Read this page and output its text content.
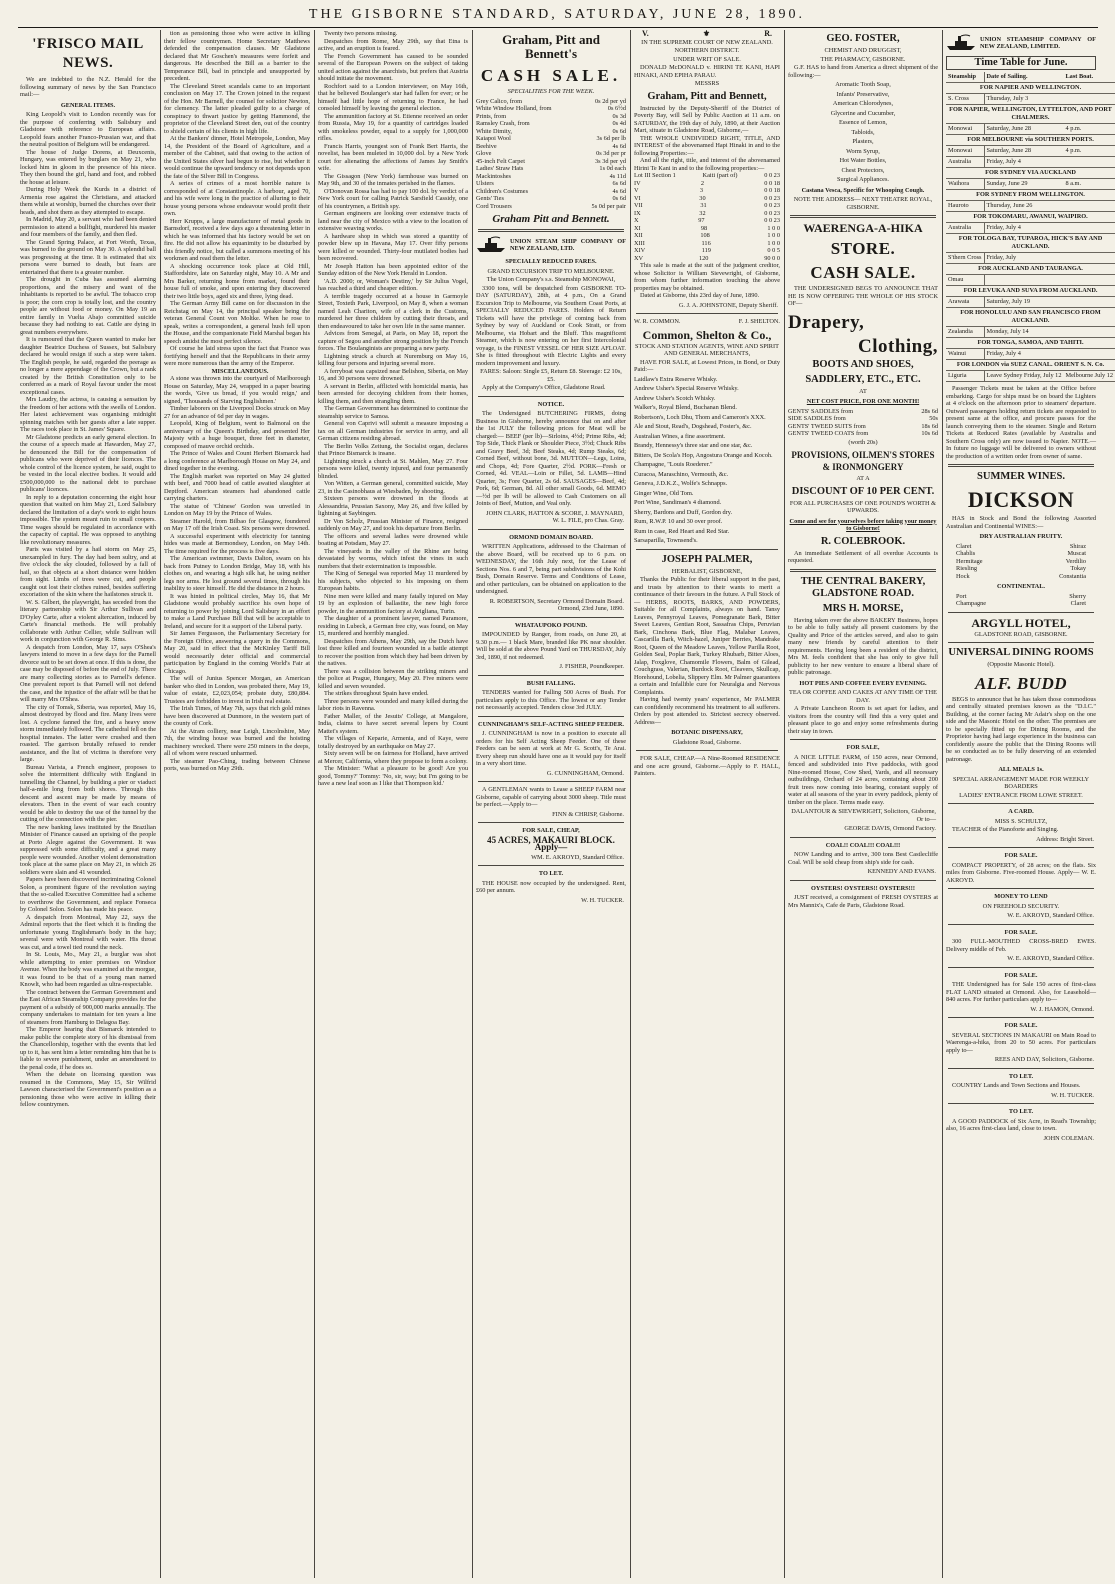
THE GISBORNE STANDARD, SATURDAY, JUNE 28, 1890.
'FRISCO MAIL NEWS.

We are indebted to the N.Z. Herald for the following summary of news by the San Francisco mail:—

GENERAL ITEMS.

King Leopold's visit to London recently was for the purpose of conferring with Salisbury and Gladstone with reference to European affairs. Leopold fears another Franco-Prussian war, and that the neutral position of Belgium will be endangered.

The house of Judge Dorens, at Deuxcenis, Hungary, was entered by burglars on May 21, who locked him in gloom in the presence of his niece. They then bound the girl, hand and foot, and robbed the house at leisure.

During Holy Week the Kurds in a district of Armenia rose against the Christians, and attacked them while at worship, burned the churches over their heads, and shot them as they attempted to escape.

In Madrid, May 20, a servant who had been denied permission to attend a bullfight, murdered his master and four members of the family, and then fled.

The Grand Spring Palace, at Fort Worth, Texas, was burned to the ground on May 30. A splendid ball was progressing at the time. It is estimated that six persons were burned to death, but fears are entertained that there is a greater number.

The drought in Cuba has assumed alarming proportions, and the misery and want of the inhabitants is reported to be awful. The tobacco crop is poor; the corn crop is totally lost, and the country people are without food or money. On May 19 an entire family in Vuelta Abajo committed suicide because they had nothing to eat. Cattle are dying in great numbers everywhere.

It is rumoured that the Queen wanted to make her daughter Beatrice Duchess of Sussex, but Salisbury declared he would resign if such a step were taken. The English people, he said, regarded the peerage as no longer a mere appendage of the Crown, but a rank created by the British Constitution only to be conferred as a mark of Royal favour under the most exceptional cases.

Mrs Laudry, the actress, is causing a sensation by the freedom of her actions with the swells of London. Her latest achievement was organising midnight spinning matches with her guests after a late supper. The races took place in St. James' Square.

Mr Gladstone predicts an early general election. In the course of a speech made at Hawarden, May 27, he denounced the Bill for the compensation of publicans who were deprived of their licences. The whole control of the licence system, he said, ought to be vested in the local elective bodies. It would add £500,000,000 to the national debt to purchase publicans' licences.

In reply to a deputation concerning the eight hour question that waited on him May 21, Lord Salisbury declared the limitation of a day's work to eight hours impossible. The system meant ruin to small coopers. Time wages should be regulated in accordance with the capacity of capital. He was opposed to anything like revolutionary measures.

Paris was visited by a hail storm on May 25, unexampled in fury. The day had been sultry, and at five o'clock the sky clouded, followed by a fall of hail, so that objects at a short distance were hidden from sight. Limbs of trees were cut, and people caught out lost their clothes ruined, besides suffering excoriation of the skin where the hailstones struck it.

W. S. Gilbert, the playwright, has seceded from the literary partnership with Sir Arthur Sullivan and D'Oyley Carte, after a violent altercation, induced by Carte's financial methods. He will probably collaborate with Arthur Cellier, while Sullivan will work in conjunction with George R. Sims.

A despatch from London, May 17, says O'Shea's lawyers intend to move in a few days for the Parnell divorce suit to be set down at once. If this is done, the case may be disposed of before the end of July. There are many collecting stories as to Parnell's defence. One prevalent report is that Parnell will not defend the case, and the injustice of the affair will be that he will marry Mrs O'Shea.

The city of Tomsk, Siberia, was reported, May 16, almost destroyed by flood and fire. Many lives were lost. A cyclone fanned the fire, and a heavy snow storm immediately followed. The cathedral fell on the hospital inmates. The latter were crushed and then roasted. The garrison brutally refused to render assistance, and the list of victims is therefore very large.

Bureau Varista, a French engineer, proposes to solve the intermittent difficulty with England in tunnelling the Channel, by building a pier or viaduct half-a-mile long from both shores. Through this descent and ascent may be made by means of elevators. Then in the event of war each country would be able to destroy the use of the tunnel by the cutting of the connection with the pier.

The new banking laws instituted by the Brazilian Minister of Finance caused an uprising of the people at Porto Alegre against the Government. It was suppressed with some difficulty, and a great many people were wounded. Another violent demonstration took place at the same place on May 21, in which 26 soldiers were slain and 41 wounded.

Papers have been discovered incriminating Colonel Solon, a prominent figure of the revolution saying that the so-called Executive Committee had a scheme to overthrow the Government, and replace Fonseca by Colonel Solon. Solon has made his peace.

A despatch from Montreal, May 22, says the Admiral reports that the fleet which it is finding the unfortunate young Englishman's body in the bay; several were with Montreal with water. His throat was cut, and a towel tied round the neck.

In St. Louis, Mo., May 21, a burglar was shot while attempting to enter premises on Windsor Avenue. When the body was examined at the morgue, it was found to be that of a young man named Knowlt, who had been regarded as ultra-respectable.

The contract between the German Government and the East African Steamship Company provides for the payment of a subsidy of 900,000 marks annually. The company undertakes to maintain for ten years a line of steamers from Hamburg to Delagoa Bay.

The Emperor hearing that Bismarck intended to make public the complete story of his dismissal from the Chancellorship, together with the events that led up to it, has sent him a letter reminding him that he is liable to severe punishment, under an amendment to the penal code, if he does so.

When the debate on licensing question was resumed in the Commons, May 15, Sir Wilfrid Lawson characterised the Government's position as a pensioning those who were active in killing their fellow countrymen.

tion as pensioning those who were active in killing their fellow countrymen. Home Secretary Matthews defended the compensation clauses. Mr Gladstone declared that Mr Goschen's measures were forfeit and dangerous. He described the Bill as a barrier to the Temperance Bill, bad in principle and unsupported by precedent.

The Cleveland Street scandals came to an important conclusion on May 17. The Crown joined in the request of the Hon. Mr Barnell, the counsel for solicitor Newton, for clemency. The latter pleaded guilty to a charge of conspiracy to thwart justice by getting Hammond, the proprietor of the Cleveland Street den, out of the country to shield certain of his clients in high life.

At the Bankers' dinner, Hotel Metropole, London, May 14, the President of the Board of Agriculture, and a member of the Cabinet, said that owing to the action of the United States silver had begun to rise, but whether it would continue the upward tendency or not depends upon the fate of the Silver Bill in Congress.

A series of crimes of a most horrible nature is corresponded of at Constantinople. A harbour, aged 70, and his wife were long in the practice of alluring to their house young persons whose endeavour would profit their own.

Herr Krupps, a large manufacturer of metal goods in Barnsdorf, received a few days ago a threatening letter in which he was informed that his factory would be set on fire. He did not allow his equanimity to be disturbed by this friendly notice, but called a summons meeting of his workmen and read them the letter.

A shocking occurrence took place at Old Hill, Staffordshire, late on Saturday night, May 10. A Mr and Mrs Barker, returning home from market, found their house full of smoke, and upon entering they discovered their two little boys, aged six and three, lying dead.

The German Army Bill came on for discussion in the Reichstag on May 14, the principal speaker being the veteran General Count von Moltke. When he rose to speak, writes a correspondent, a general hush fell upon the House, and the companionate Field Marshal began his speech amidst the most perfect silence.

Of course he laid stress upon the fact that France was fortifying herself and that the Republicans in their army were more numerous than the army of the Emperor.

MISCELLANEOUS.

A stone was thrown into the courtyard of Marlborough House on Saturday, May 24, wrapped in a paper bearing the words, 'Give us bread, if you would reign,' and signed, 'Thousands of Starving Englishmen.'

Timber laborers on the Liverpool Docks struck on May 27 for an advance of 6d per day in wages.

Leopold, King of Belgium, went to Balmoral on the anniversary of the Queen's Birthday, and presented Her Majesty with a huge bouquet, three feet in diameter, composed of mauve orchid orchids.

The Prince of Wales and Count Herbert Bismarck had a long conference at Marlborough House on May 24, and dined together in the evening.

The English market was reported on May 24 glutted with beef, and 7000 head of cattle awaited slaughter at Deptford. American steamers had abandoned cattle carrying charters.

The statue of 'Chinese' Gordon was unveiled in London on May 19 by the Prince of Wales.

Steamer Harold, from Bilbao for Glasgow, foundered on May 17 off the Irish Coast. Six persons were drowned.

A successful experiment with electricity for tanning hides was made at Bermondsey, London, on May 14th. The time required for the process is five days.

The American swimmer, Davis Dalton, swam on his back from Putney to London Bridge, May 18, with his clothes on, and wearing a high silk hat, he using neither legs nor arms. He lost ground several times, through his inability to steer himself. He did the distance in 2 hours.

It was hinted in political circles, May 16, that Mr Gladstone would probably sacrifice his own hope of returning to power by joining Lord Salisbury in an effort to make a Land Purchase Bill that will be acceptable to Ireland, and secure for it a support of the Liberal party.

Sir James Fergusson, the Parliamentary Secretary for the Foreign Office, answering a query in the Commons, May 20, said in effect that the McKinley Tariff Bill would necessarily deter official and commercial participation by England in the coming World's Fair at Chicago.

The will of Junius Spencer Morgan, an American banker who died in London, was probated there, May 19, value of estate, £2,023,054; probate duty, £80,884. Trustees are forbidden to invest in Irish real estate.

The Irish Times, of May 7th, says that rich gold mines have been discovered at Dunmore, in the western part of the county of Cork.

At the Atram colliery, near Leigh, Lincolnshire, May 7th, the winding house was burned and the hoisting machinery wrecked. There were 250 miners in the deeps, all of whom were rescued unharmed.

The steamer Pao-Ching, trading between Chinese ports, was burned on May 29th.

Twenty two persons missing.

Despatches from Rome, May 29th, say that Etna is active, and an eruption is feared.

The French Government has caused to be sounded several of the European Powers on the subject of taking united action against the anarchists, but prefers that Austria should initiate the movement.

Rochfort said to a London interviewer, on May 16th, that he believed Boulanger's star had fallen for ever; or he himself had little hope of returning to France, he had consoled himself by leaving the general election.

The ammunition factory at St. Etienne received an order from Russia, May 19, for a quantity of cartridges loaded with smokeless powder, equal to a supply for 1,000,000 rifles.

Francis Harris, youngest son of Frank Bert Harris, the novelist, has been muleted in 10,000 dol. by a New York court for alienating the affections of James Jay Smith's wife.

The Gissagon (New York) farmhouse was burned on May 9th, and 30 of the inmates perished in the flames.

O'Donovan Rossa has had to pay 100 dol. by verdict of a New York court for calling Patrick Sarsfield Cassidy, one of his countrymen, a British spy.

German engineers are looking over extensive tracts of land near the city of Mexico with a view to the location of extensive weaving works.

A hardware shop in which was stored a quantity of powder blew up in Havana, May 17. Over fifty persons were killed or wounded. Thirty-four mutilated bodies had been recovered.

Mr Joseph Hatton has been appointed editor of the Sunday edition of the New York Herald in London.

'A.D. 2000; or, Woman's Destiny,' by Sir Julius Vogel, has reached a third and cheaper edition.

A terrible tragedy occurred at a house in Garmoyle Street, Toxteth Park, Liverpool, on May 8, when a woman named Leah Chariton, wife of a clerk in the Customs, murdered her three children by cutting their throats, and then endeavoured to take her own life in the same manner.

Advices from Senegal, at Paris, on May 18, report the capture of Segou and another strong position by the French forces. The Boulanginists are preparing a new party.

Lightning struck a church at Nuremburg on May 16, killing four persons and injuring several more.

A ferryboat was capsized near Belishon, Siberia, on May 16, and 30 persons were drowned.

A servant in Berlin, afflicted with homicidal mania, has been arrested for decoying children from their homes, killing them, and then strangling them.

The German Government has determined to continue the steamship service to Samoa.

General von Caprivi will submit a measure imposing a tax on all German industries for service in army, and all German citizens residing abroad.

The Berlin Volks Zeitung, the Socialist organ, declares that Prince Bismarck is insane.

Lightning struck a church at St. Mahlen, May 27. Four persons were killed, twenty injured, and four permanently blinded.

Von Witten, a German general, committed suicide, May 23, in the Casinobhaus at Wiesbaden, by shooting.

Sixteen persons were drowned in the floods at Alessandria, Prussian Saxony, May 26, and five killed by lightning at Saybingen.

Dr Von Scholz, Prussian Minister of Finance, resigned suddenly on May 27, and took his departure from Berlin.

The officers and several ladies were drowned while boating at Potsdam, May 27.

The vineyards in the valley of the Rhine are being devastated by worms, which infest the vines in such numbers that their extermination is impossible.

The King of Senegal was reported May 11 murdered by his subjects, who objected to his imposing on them European habits.

Nine men were killed and many fatally injured on May 19 by an explosion of ballastite, the new high force powder, in the ammunition factory at Avigliana, Turin.

The daughter of a prominent lawyer, named Paramore, residing in Lubeck, a German free city, was found, on May 15, murdered and horribly mangled.

Despatches from Athens, May 29th, say the Dutch have lost three killed and fourteen wounded in a battle attempt to recover the position from which they had been driven by the natives.

There was a collision between the striking miners and the police at Prague, Hungary, May 20. Five miners were killed and seven wounded.

The strikes throughout Spain have ended.

Three persons were wounded and many killed during the labor riots in Ravenna.

Father Maller, of the Jesuits' College, at Mangalore, India, claims to have secret several lepers by Count Mattei's system.

The villages of Keparie, Armenia, and of Kaye, were totally destroyed by an earthquake on May 27.

Sixty seven will be on fairness for Holland, have arrived at Mercer, California, where they propose to form a colony.

The Minister: 'What a pleasure to be good! Are you good, Tommy?' Tommy: 'No, sir, way; but I'm going to be have a new leaf soon as I like that Thompson kid.'

Graham, Pitt and Bennett's
CASH SALE.
SPECIALITIES FOR THE WEEK.
Grey Calico, from	0s 2d per yd
White Window Holland, from	0s 6½d
Prints, from	0s 3d
Ramsley Crash, from	0s 4d
White Dimity,	0s 6d
Kaiapoi Wool	3s 6d per lb
Beehive	4s 6d
Glove	0s 3d per pr
45-inch Felt Carpet	3s 3d per yd
Ladies' Straw Hats	1s 0d each
Mackintoshes	4s 11d
Ulsters	6s 6d
Children's Costumes	4s 6d
Gents' Ties	0s 6d
Cord Trousers	5s 0d per pair
Graham Pitt and Bennett.
UNION STEAM SHIP COMPANY OF NEW ZEALAND, LTD.
SPECIALLY REDUCED FARES.
GRAND EXCURSION TRIP TO MELBOURNE.
The Union Company's s.s. Steamship MONOWAI,

3300 tons, will be despatched from GISBORNE TO-DAY (SATURDAY), 28th, at 4 p.m., On a Grand Excursion Trip to Melbourne, via Southern Coast Ports, at SPECIALLY REDUCED FARES. Holders of Return Tickets will have the privilege of coming back from Sydney by way of Auckland or Cook Strait, or from Melbourne, via Hobart and the Bluff. This magnificent Steamer, which is now entering on her first Intercolonial voyage, is the FINEST VESSEL OF HER SIZE AFLOAT. She is fitted throughout with Electric Lights and every modern improvement and luxury.

FARES: Saloon: Single £5, Return £8. Steerage: £2 10s, £5.

Apply at the Company's Office, Gladstone Road.

NOTICE.

The Undersigned BUTCHERING FIRMS, doing Business in Gisborne, hereby announce that on and after the 1st JULY the following prices for Meat will be charged:— BEEF (per lb)—Sirloins, 4½d; Prime Ribs, 4d; Top Side, Thick Flank or Shoulder Piece, 3½d; Chuck Ribs and Gravy Beef, 3d; Beef Steaks, 4d; Rump Steaks, 6d; Corned Beef, without bone, 3d. MUTTON—Legs, Loins, and Chops, 4d; Fore Quarter, 2½d. PORK—Fresh or Corned, 4d. VEAL—Loin or Fillet, 5d. LAMB—Hind Quarter, 3s; Fore Quarter, 2s 6d. SAUSAGES—Beef, 4d; Pork, 6d; German, 8d. All other small Goods, 6d. MEMO—½d per lb will be allowed to Cash Customers on all Joints of Beef, Mutton, and Veal only.

JOHN CLARK, HATTON & SCORE, J. MAYNARD, W. L. FILE, pro Chas. Gray.
ORMOND DOMAIN BOARD.

WRITTEN Applications, addressed to the Chairman of the above Board, will be received up to 6 p.m. on WEDNESDAY, the 16th July next, for the Lease of Sections Nos. 6 and 7, being part subdivisions of the Kohi Bush, Domain Reserve. Terms and Conditions of Lease, and other particulars, can be obtained on application to the undersigned.

R. ROBERTSON, Secretary Ormond Domain Board. Ormond, 23rd June, 1890.
WHATAUPOKO POUND.

IMPOUNDED by Ranger, from roads, on June 20, at 9.30 p.m.— 1 black Mare, branded like PK near shoulder. Will be sold at the above Pound Yard on THURSDAY, July 3rd, 1890, if not redeemed.

J. FISHER, Poundkeeper.
BUSH FALLING.

TENDERS wanted for Falling 500 Acres of Bush. For particulars apply to this Office. The lowest or any Tender not necessarily accepted. Tenders close 3rd JULY.

CUNNINGHAM'S SELF-ACTING SHEEP FEEDER.

J. CUNNINGHAM is now in a position to execute all orders for his Self Acting Sheep Feeder. One of these Feeders can be seen at work at Mr G. Scott's, Te Arai. Every sheep run should have one as it would pay for itself in a very short time.

G. CUNNINGHAM, Ormond.

A GENTLEMAN wants to Lease a SHEEP FARM near Gisborne, capable of carrying about 3000 sheep. Title must be perfect.—Apply to—

FINN & CHRISP, Gisborne.
FOR SALE, CHEAP,
45 ACRES, MAKAURI BLOCK. Apply—
WM. E. AKROYD, Standard Office.
TO LET.

THE HOUSE now occupied by the undersigned. Rent, £60 per annum.

W. H. TUCKER.
V.	⚜	R.
IN THE SUPREME COURT OF NEW ZEALAND.
NORTHERN DISTRICT.
UNDER WRIT OF SALE.

DONALD McDONALD v. HIRINI TE KANI, HAPI HINAKI, AND EPIHA PARAU.

MESSRS
Graham, Pitt and Bennett,

Instructed by the Deputy-Sheriff of the District of Poverty Bay, will Sell by Public Auction at 11 a.m. on SATURDAY, the 19th day of July, 1890, at their Auction Mart, situate in Gladstone Road, Gisborne,—

THE WHOLE UNDIVIDED RIGHT, TITLE, AND INTEREST of the abovenamed Hapi Hinaki in and to the following Properties:—

And all the right, title, and interest of the abovenamed Hirini Te Kani in and to the following properties:—

Lot III Section 1	Kaiti (part of)	0 0 23
IV	2	0 0 18
V	3	0 0 18
VI	30	0 0 23
VII	31	0 0 23
IX	32	0 0 23
X	97	0 0 23
XI	98	1 0 0
XII	108	1 0 0
XIII	116	1 0 0
XIV	119	0 0 5
XV	120	90 0 0

This sale is made at the suit of the judgment creditor, whose Solicitor is William Sievewright, of Gisborne, from whom further information touching the above properties may be obtained.

Dated at Gisborne, this 23rd day of June, 1890.

G. J. A. JOHNSTONE, Deputy Sheriff.
W. R. COMMON.	F. J. SHELTON.
Common, Shelton & Co.,
STOCK AND STATION AGENTS, WINE AND SPIRIT AND GENERAL MERCHANTS,

HAVE FOR SALE, at Lowest Prices, in Bond, or Duty Paid:—

Laidlaw's Extra Reserve Whisky.
Andrew Usher's Special Reserve Whisky.
Andrew Usher's Scotch Whisky.
Walker's, Royal Blend, Buchanan Blend.
Robertson's, Loch Dhu, Thom and Cameron's XXX.
Ale and Stout, Read's, Dogshead, Foster's, &c.
Australian Wines, a fine assortment.
Brandy, Hennessy's three star and one star, &c.
Bitters, De Scola's Hop, Angostura Orange and Kocoh.
Champagne, "Louis Roederer."
Curacoa, Maraschino, Vermouth, &c.
Geneva, J.D.K.Z., Wolfe's Schnapps.
Ginger Wine, Old Tom.
Port Wine, Sandiman's 4 diamond.
Sherry, Bardons and Duff, Gordon dry.
Rum, R.W.P. 10 and 30 over proof.
Rum in case, Red Heart and Red Star.
Sarsaparilla, Townsend's.
JOSEPH PALMER,
HERBALIST, GISBORNE,

Thanks the Public for their liberal support in the past, and trusts by attention to their wants to merit a continuance of their favours in the future. A Full Stock of— HERBS, ROOTS, BARKS, AND POWDERS, Suitable for all Complaints, always on hand. Tansy Leaves, Pennyroyal Leaves, Pomegranate Bark, Bitter Sweet Leaves, Gentian Root, Sassafras Chips, Peruvian Bark, Cinchona Bark, Blue Flag, Malabar Leaves, Cascarilla Bark, Witch-hazel, Juniper Berries, Mandrake Root, Queen of the Meadow Leaves, Yellow Parilla Root, Golden Seal, Poplar Bark, Turkey Rhubarb, Bitter Aloes, Jalap, Foxglove, Chamomile Flowers, Balm of Gilead, Couchgrass, Valerian, Burdock Root, Cleavers, Skullcap, Horehound, Lobelia, Slippery Elm. Mr Palmer guarantees a certain and Infallible cure for Neuralgia and Nervous Complaints.

Having had twenty years' experience, Mr PALMER can confidently recommend his treatment to all sufferers. Orders by post attended to. Strictest secrecy observed. Address—

BOTANIC DISPENSARY,
Gladstone Road, Gisborne.

FOR SALE, CHEAP.—A Nine-Roomed RESIDENCE and one acre ground, Gisborne.—Apply to F. HALL, Painters.

GEO. FOSTER,
CHEMIST AND DRUGGIST,
THE PHARMACY, GISBORNE.

G.F. HAS to hand from America a direct shipment of the following:—

Aromatic Tooth Soap,
Infants' Preservative,
American Chlorodynes,
Glycerine and Cucumber,
Essence of Lemon,
Tabloids,
Plasters,
Worm Syrup,
Hot Water Bottles,
Chest Protectors,
Surgical Appliances.
Castana Vesca, Specific for Whooping Cough.
NOTE THE ADDRESS— NEXT THEATRE ROYAL, GISBORNE.
WAERENGA-A-HIKA
STORE.
CASH SALE.

THE UNDERSIGNED BEGS TO ANNOUNCE THAT HE IS NOW OFFERING THE WHOLE OF HIS STOCK OF—

Drapery,
Clothing,
BOOTS AND SHOES,
SADDLERY, ETC., ETC.
AT
NET COST PRICE, FOR ONE MONTH!
GENTS' SADDLES from	28s 6d
SIDE SADDLES from	50s
GENTS' TWEED SUITS from	18s 6d
GENTS' TWEED COATS from	10s 6d
(worth 20s)
PROVISIONS, OILMEN'S STORES & IRONMONGERY
AT A
DISCOUNT OF 10 PER CENT.
FOR ALL PURCHASES OF ONE POUND'S WORTH & UPWARDS.
Come and see for yourselves before taking your money to Gisborne!
R. COLEBROOK.

An immediate Settlement of all overdue Accounts is requested.

THE CENTRAL BAKERY, GLADSTONE ROAD.
MRS H. MORSE,

Having taken over the above BAKERY Business, hopes to be able to fully satisfy all present customers by the Quality and Price of the articles served, and also to gain many new friends by careful attention to their requirements. Having long been a resident of the district, Mrs M. feels confident that she has only to give full publicity to her new venture to ensure a liberal share of public patronage.

HOT PIES AND COFFEE EVERY EVENING.
TEA OR COFFEE AND CAKES AT ANY TIME OF THE DAY.

A Private Luncheon Room is set apart for ladies, and visitors from the country will find this a very quiet and pleasant place to go and enjoy some refreshments during their stay in town.

FOR SALE,

A NICE LITTLE FARM, of 150 acres, near Ormond, fenced and subdivided into Five paddocks, with good Nine-roomed House, Cow Shed, Yards, and all necessary outbuildings, Orchard of 24 acres, containing about 200 fruit trees now coming into bearing, constant supply of water at all seasons of the year in every paddock, plenty of timber on the place. Terms made easy.

DALANTOUR & SIEVEWRIGHT, Solicitors, Gisborne, Or to—
GEORGE DAVIS, Ormond Factory.
COAL!! COAL!!! COAL!!!

NOW Landing and to arrive, 300 tons Best Castlecliffe Coal. Will be sold cheap from ship's side for cash.

KENNEDY AND EVANS.
OYSTERS! OYSTERS!! OYSTERS!!!

JUST received, a consignment of FRESH OYSTERS at Mrs Mannix's, Cafe de Paris, Gladstone Road.

UNION STEAMSHIP COMPANY OF NEW ZEALAND, LIMITED.
Time Table for June.
Steamship	Date of Sailing.	Last Boat.
FOR NAPIER AND WELLINGTON.		
S. Cross	Thursday, July 3	
FOR NAPIER, WELLINGTON, LYTTELTON, AND PORT CHALMERS.		
Monowai	Saturday, June 28	4 p.m.
FOR MELBOURNE via SOUTHERN PORTS.		
Monowai	Saturday, June 28	4 p.m.
Australia	Friday, July 4	
FOR SYDNEY VIA AUCKLAND		
Waihora	Sunday, June 29	8 a.m.
FOR SYDNEY FROM WELLINGTON.		
Hauroto	Thursday, June 26	
FOR TOKOMARU, AWANUI, WAIPIRO.		
Australia	Friday, July 4	
FOR TOLOGA BAY, TUPAROA, HICK'S BAY AND AUCKLAND.		
S'thern Cross	Friday, July	
FOR AUCKLAND AND TAURANGA.		
Omau		
FOR LEVUKA AND SUVA FROM AUCKLAND.		
Arawata	Saturday, July 19	
FOR HONOLULU AND SAN FRANCISCO FROM AUCKLAND.		
Zealandia	Monday, July 14	
FOR TONGA, SAMOA, AND TAHITI.		
Wainui	Friday, July 4	
FOR LONDON via SUEZ CANAL. ORIENT S. N. Co.		
Liguria	Leave Sydney Friday, July 12	Melbourne July 12

Passenger Tickets must be taken at the Office before embarking. Cargo for ships must be on board the Lighters at 4 o'clock on the afternoon prior to steamers' departure. Outward passengers holding return tickets are requested to present same at the office, and procure passes for the launch conveying them to the steamer. Single and Return Tickets at Reduced Rates (available by Australia and Southern Cross only) are now issued to Napier. NOTE.—In future no luggage will be delivered to owners without the production of a written order from owner of same.

SUMMER WINES.
DICKSON

HAS in Stock and Bond the following Assorted Australian and Continental WINES:—

DRY AUSTRALIAN FRUITY.
Claret	Shiraz
Chablis	Muscat
Hermitage	Verdilio
Riesling	Tokay
Hock	Constantia
CONTINENTAL.
Port	Sherry
Champagne	Claret
ARGYLL HOTEL,
GLADSTONE ROAD, GISBORNE.
UNIVERSAL DINING ROOMS
(Opposite Masonic Hotel).
ALF. BUDD

BEGS to announce that he has taken those commodious and centrally situated premises known as the "D.I.C." Building, at the corner facing Mr Adair's shop on the one side and the Masonic Hotel on the other. The premises are to be specially fitted up for Dining Rooms, and the Proprietor having had large experience in the business can confidently assure the public that the Dining Rooms will be so conducted as to be fully deserving of an extended patronage.

ALL MEALS 1s.
SPECIAL ARRANGEMENT MADE FOR WEEKLY BOARDERS
LADIES' ENTRANCE FROM LOWE STREET.
A CARD.
MISS S. SCHULTZ,

TEACHER of the Pianoforte and Singing.

Address: Bright Street.
FOR SALE.

COMPACT PROPERTY, of 28 acres; on the flats. Six miles from Gisborne. Five-roomed House. Apply— W. E. AKROYD.

MONEY TO LEND
ON FREEHOLD SECURITY.
W. E. AKROYD, Standard Office.
FOR SALE.

300 FULL-MOUTHED CROSS-BRED EWES. Delivery middle of Feb.

W. E. AKROYD, Standard Office.
FOR SALE.

THE Undersigned has for Sale 150 acres of first-class FLAT LAND situated at Ormond. Also, for Leasehold—840 acres. For further particulars apply to—

W. J. HAMON, Ormond.
FOR SALE.

SEVERAL SECTIONS IN MAKAURI on Main Road to Waerenga-a-hika, from 20 to 50 acres. For particulars apply to—

REES AND DAY, Solicitors, Gisborne.
TO LET.

COUNTRY Lands and Town Sections and Houses.

W. H. TUCKER.
TO LET.

A GOOD PADDOCK of Six Acre, in Read's Township; also, 16 acres first-class land, close to town.

JOHN COLEMAN.
